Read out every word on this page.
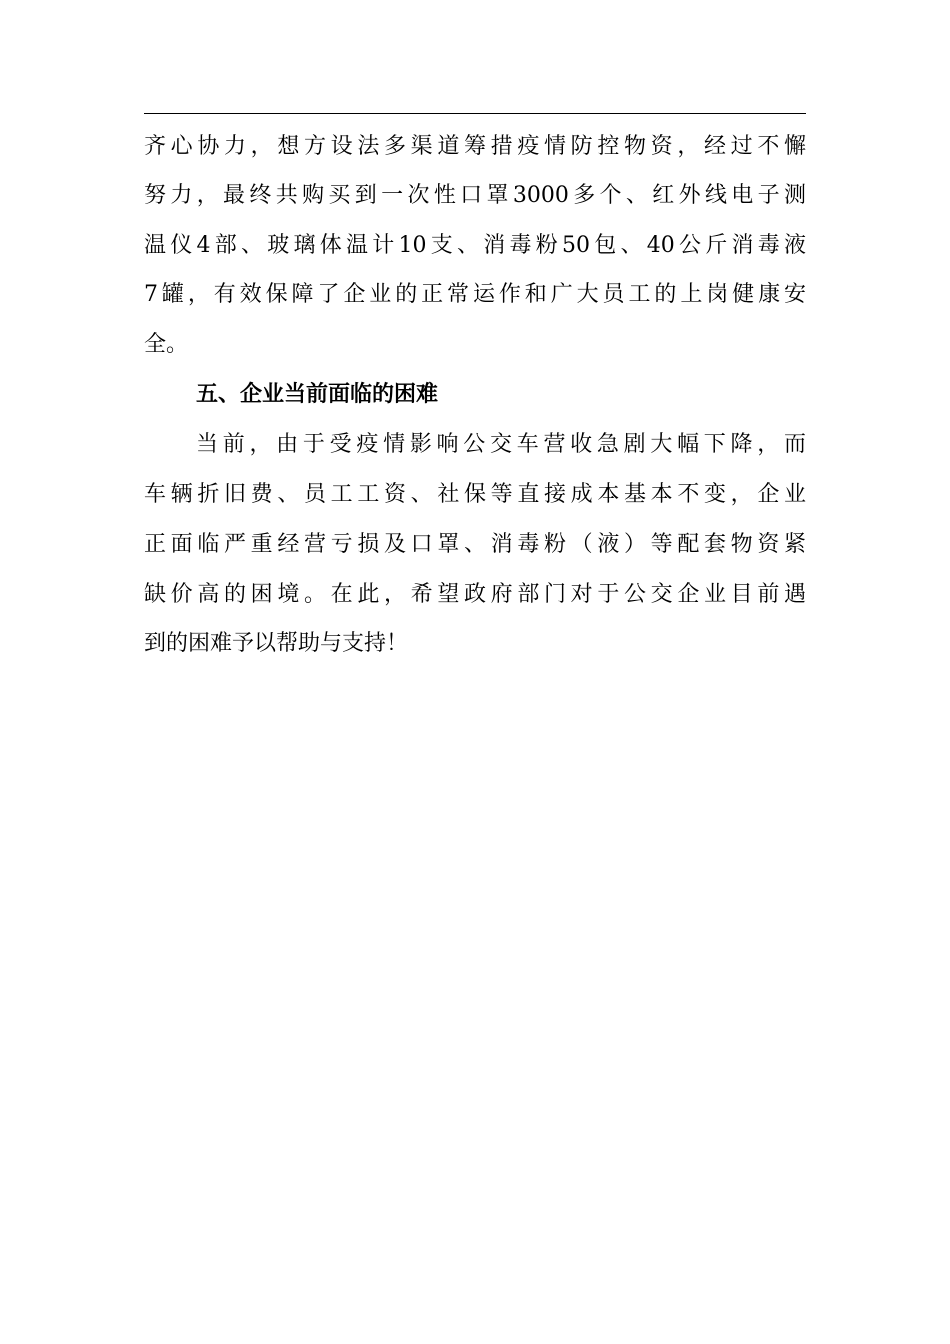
齐心协力，想方设法多渠道筹措疫情防控物资，经过不懈
努力，最终共购买到一次性口罩3000多个、红外线电子测
温仪4部、玻璃体温计10支、消毒粉50包、40公斤消毒液
7罐，有效保障了企业的正常运作和广大员工的上岗健康安
全。
五、企业当前面临的困难
当前，由于受疫情影响公交车营收急剧大幅下降，而
车辆折旧费、员工工资、社保等直接成本基本不变，企业
正面临严重经营亏损及口罩、消毒粉（液）等配套物资紧
缺价高的困境。在此，希望政府部门对于公交企业目前遇
到的困难予以帮助与支持！
